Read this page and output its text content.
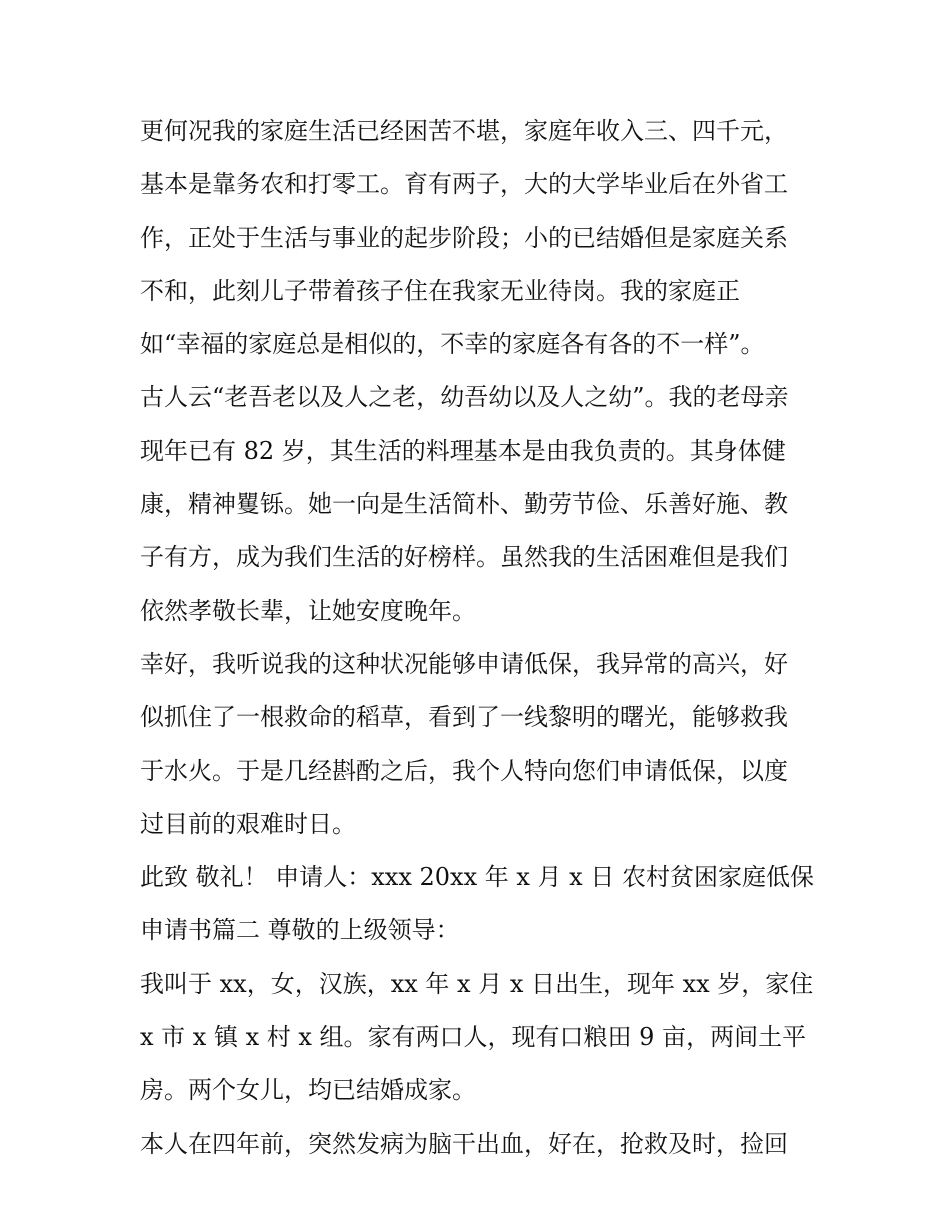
更何况我的家庭生活已经困苦不堪，家庭年收入三、四千元，
基本是靠务农和打零工。育有两子，大的大学毕业后在外省工
作，正处于生活与事业的起步阶段；小的已结婚但是家庭关系
不和，此刻儿子带着孩子住在我家无业待岗。我的家庭正
如“幸福的家庭总是相似的，不幸的家庭各有各的不一样”。
古人云“老吾老以及人之老，幼吾幼以及人之幼”。我的老母亲
现年已有 82 岁，其生活的料理基本是由我负责的。其身体健
康，精神矍铄。她一向是生活简朴、勤劳节俭、乐善好施、教
子有方，成为我们生活的好榜样。虽然我的生活困难但是我们
依然孝敬长辈，让她安度晚年。
幸好，我听说我的这种状况能够申请低保，我异常的高兴，好
似抓住了一根救命的稻草，看到了一线黎明的曙光，能够救我
于水火。于是几经斟酌之后，我个人特向您们申请低保，以度
过目前的艰难时日。
此致 敬礼！ 申请人：xxx 20xx 年 x 月 x 日 农村贫困家庭低保
申请书篇二 尊敬的上级领导：
我叫于 xx，女，汉族，xx 年 x 月 x 日出生，现年 xx 岁，家住
x 市 x 镇 x 村 x 组。家有两口人，现有口粮田 9 亩，两间土平
房。两个女儿，均已结婚成家。
本人在四年前，突然发病为脑干出血，好在，抢救及时，捡回
